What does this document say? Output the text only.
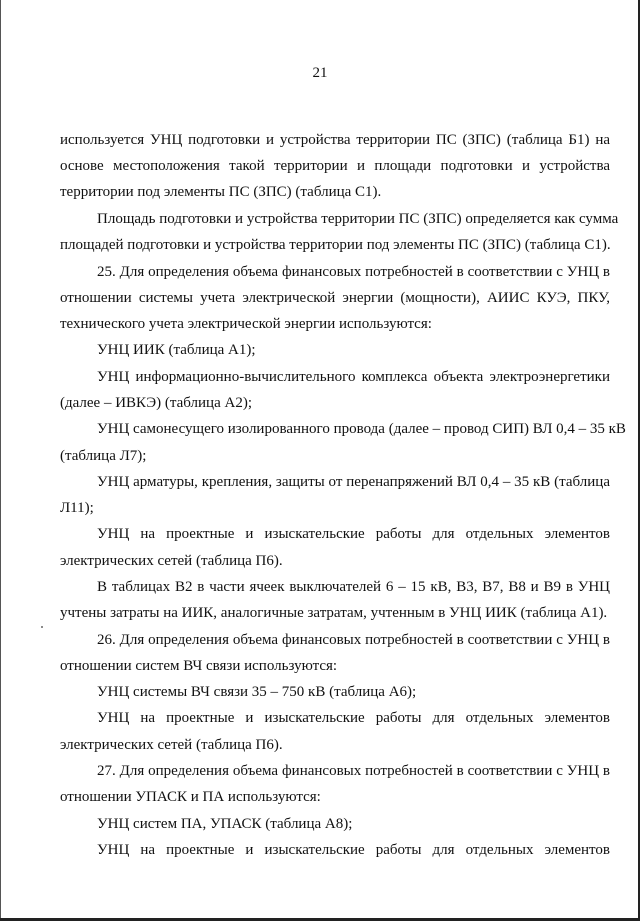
21
используется УНЦ подготовки и устройства территории ПС (ЗПС) (таблица Б1) на
основе местоположения такой территории и площади подготовки и устройства
территории под элементы ПС (ЗПС) (таблица С1).
Площадь подготовки и устройства территории ПС (ЗПС) определяется как сумма
площадей подготовки и устройства территории под элементы ПС (ЗПС) (таблица С1).
25. Для определения объема финансовых потребностей в соответствии с УНЦ в
отношении системы учета электрической энергии (мощности), АИИС КУЭ, ПКУ,
технического учета электрической энергии используются:
УНЦ ИИК (таблица А1);
УНЦ информационно-вычислительного комплекса объекта электроэнергетики
(далее – ИВКЭ) (таблица А2);
УНЦ самонесущего изолированного провода (далее – провод СИП) ВЛ 0,4 – 35 кВ
(таблица Л7);
УНЦ арматуры, крепления, защиты от перенапряжений ВЛ 0,4 – 35 кВ (таблица
Л11);
УНЦ на проектные и изыскательские работы для отдельных элементов
электрических сетей (таблица П6).
В таблицах В2 в части ячеек выключателей 6 – 15 кВ, В3, В7, В8 и В9 в УНЦ
учтены затраты на ИИК, аналогичные затратам, учтенным в УНЦ ИИК (таблица А1).
26. Для определения объема финансовых потребностей в соответствии с УНЦ в
отношении систем ВЧ связи используются:
УНЦ системы ВЧ связи 35 – 750 кВ (таблица А6);
УНЦ на проектные и изыскательские работы для отдельных элементов
электрических сетей (таблица П6).
27. Для определения объема финансовых потребностей в соответствии с УНЦ в
отношении УПАСК и ПА используются:
УНЦ систем ПА, УПАСК (таблица А8);
УНЦ на проектные и изыскательские работы для отдельных элементов
